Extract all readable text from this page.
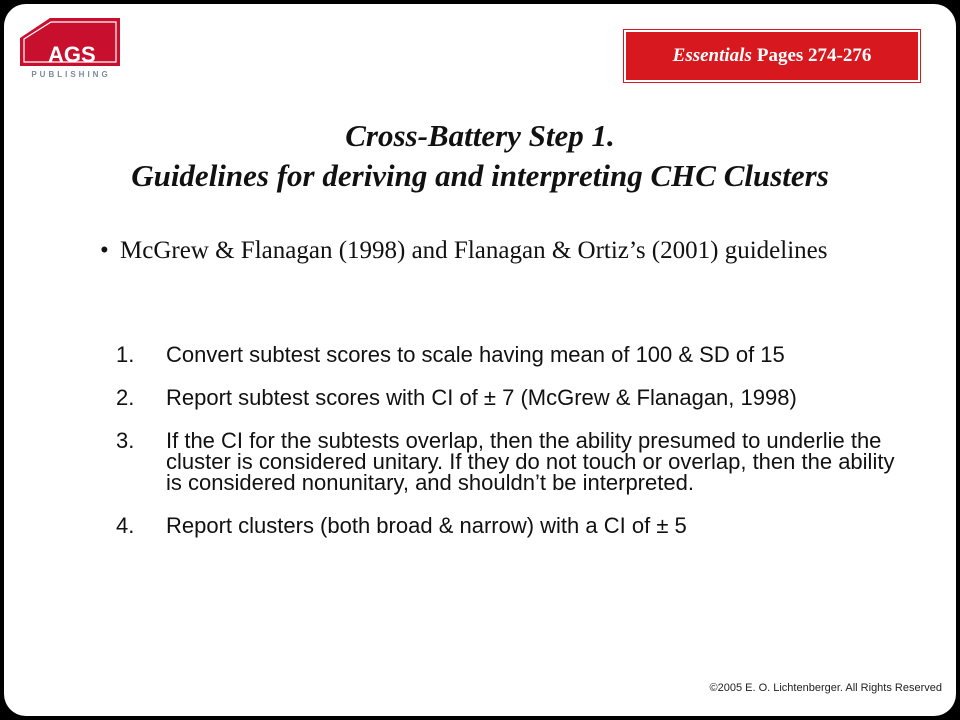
AGS
PUBLISHING
Essentials Pages 274-276
Cross-Battery Step 1.
Guidelines for deriving and interpreting CHC Clusters
• McGrew & Flanagan (1998) and Flanagan & Ortiz’s (2001) guidelines
1. Convert subtest scores to scale having mean of 100 & SD of 15
2. Report subtest scores with CI of ± 7 (McGrew & Flanagan, 1998)
3. If the CI for the subtests overlap, then the ability presumed to underlie the cluster is considered unitary. If they do not touch or overlap, then the ability is considered nonunitary, and shouldn’t be interpreted.
4. Report clusters (both broad & narrow) with a CI of ± 5
©2005 E. O. Lichtenberger. All Rights Reserved
